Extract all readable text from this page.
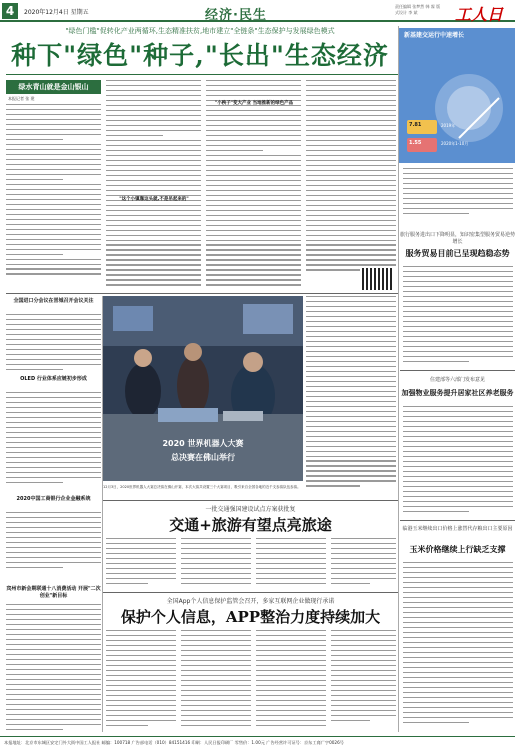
4	2020年12月4日 星期五	经济·民生
责任编辑 张梦然 韩 霖 版式设计 李 斌	工人日
"绿色门槛"促转化产业两循环,生态精准扶贫,地市建立"全链条"生态保护与发展绿色模式
种下"绿色"种子,"长出"生态经济
绿水青山就是金山银山
本报记者 张 建
"这个小镇靠这头就,不是吊起来的"
"小秧子"变大产业 当地推新的绿色产品
全国进口分会议在晋城召开会议关注
OLED 行业体系应链初步形成
2020中国工商银行企业金融系统
宾州市新会期联通十八消费活动 开展"二次创业"新目标
2020 世界机器人大赛
总决赛在佛山举行
12月3日，2020世界机器人大赛总决赛在佛山开赛，本次大赛共设置三个大赛项目，吸引来自全国各地的近千支参赛队伍参赛。
一批交通强国建设试点方案获批复
交通+旅游有望点亮旅途
全国App个人信息保护监管会召开，多家互联网企业做现行承诺
保护个人信息，APP整治力度持续加大
7.81
1.55
2019年
2020年1-10月
新基建交运行中速增长
旅行服务进出口下降明显，知识密集型服务贸易逆势增长
服务贸易目前已呈现趋稳态势
住建部等六部门发布意见
加强物业服务提升居家社区养老服务
临港玉米继续出口价格上涨替代存粮出口主要原因
玉米价格继续上行缺乏支撑
本报地址：北京市东城区安定门外大街中国工人报社 邮编：100718 广告部电话（010）84151416 印刷：人民日报印刷厂 零售价：1.00元 广告经营许可证号：京东工商广字0026号
